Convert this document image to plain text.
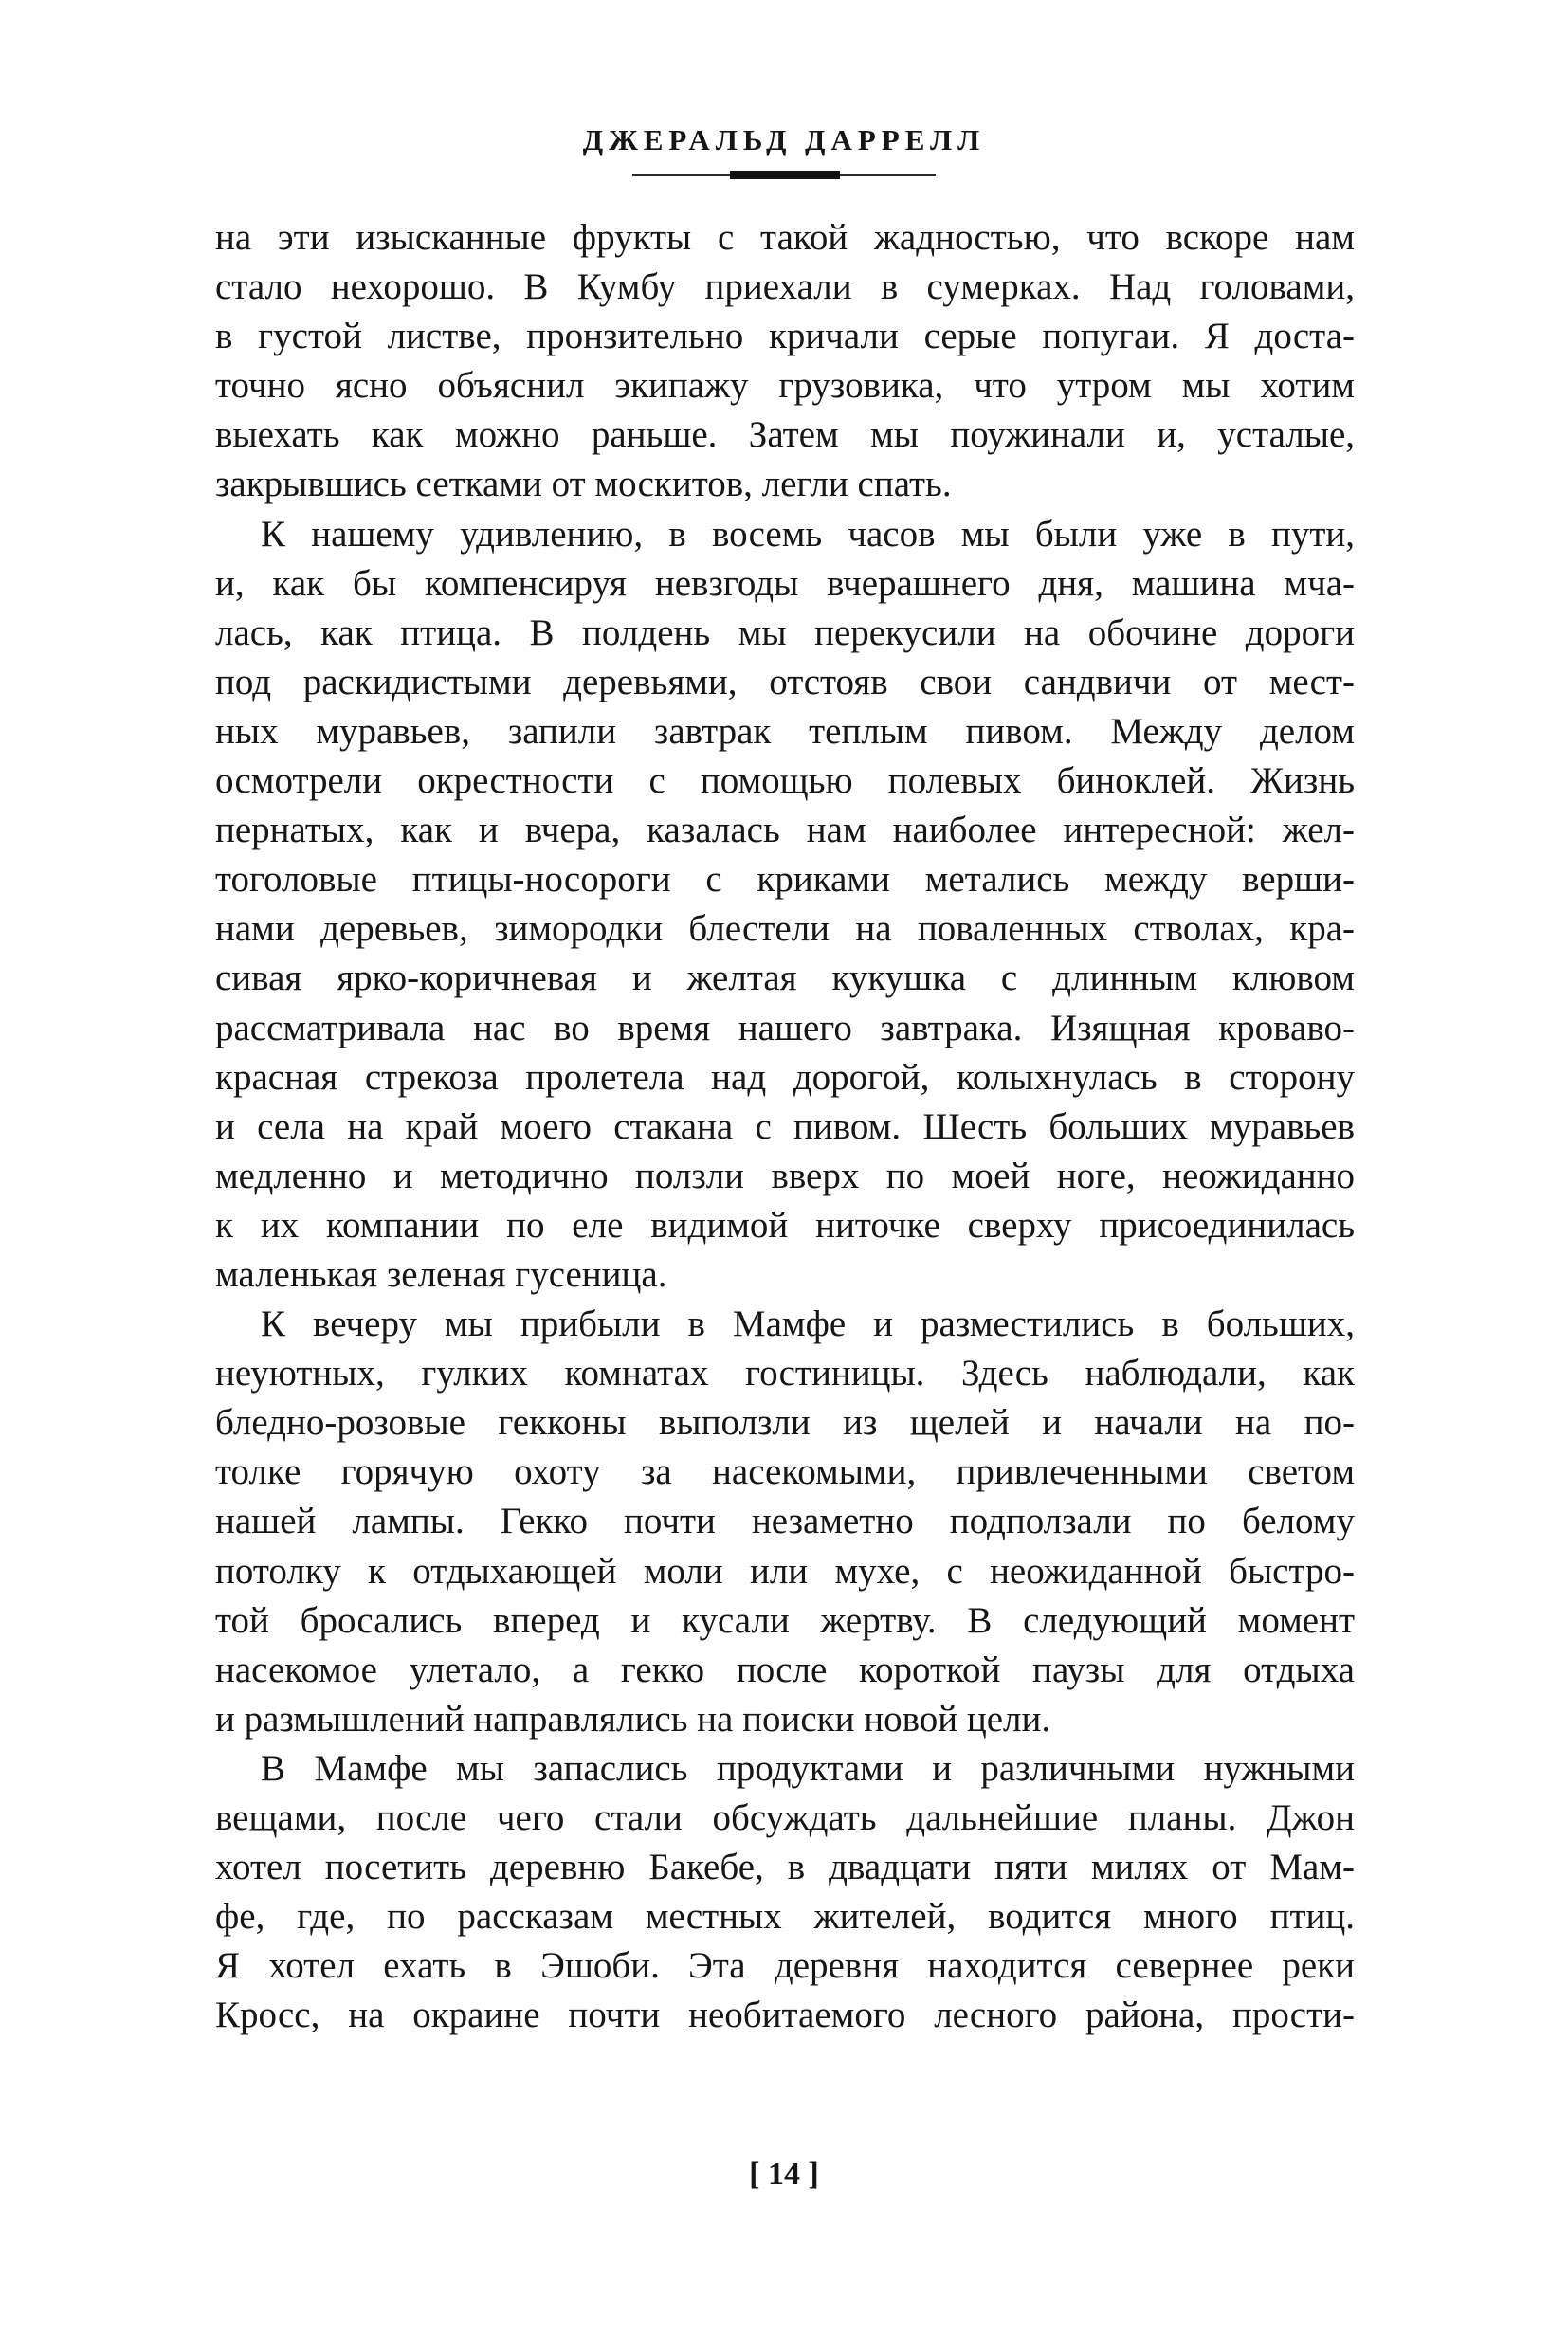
ДЖЕРАЛЬД ДАРРЕЛЛ
на эти изысканные фрукты с такой жадностью, что вскоре нам
стало нехорошо. В Кумбу приехали в сумерках. Над головами,
в густой листве, пронзительно кричали серые попугаи. Я доста-
точно ясно объяснил экипажу грузовика, что утром мы хотим
выехать как можно раньше. Затем мы поужинали и, усталые,
закрывшись сетками от москитов, легли спать.
К нашему удивлению, в восемь часов мы были уже в пути,
и, как бы компенсируя невзгоды вчерашнего дня, машина мча-
лась, как птица. В полдень мы перекусили на обочине дороги
под раскидистыми деревьями, отстояв свои сандвичи от мест-
ных муравьев, запили завтрак теплым пивом. Между делом
осмотрели окрестности с помощью полевых биноклей. Жизнь
пернатых, как и вчера, казалась нам наиболее интересной: жел-
тоголовые птицы-носороги с криками метались между верши-
нами деревьев, зимородки блестели на поваленных стволах, кра-
сивая ярко-коричневая и желтая кукушка с длинным клювом
рассматривала нас во время нашего завтрака. Изящная кроваво-
красная стрекоза пролетела над дорогой, колыхнулась в сторону
и села на край моего стакана с пивом. Шесть больших муравьев
медленно и методично ползли вверх по моей ноге, неожиданно
к их компании по еле видимой ниточке сверху присоединилась
маленькая зеленая гусеница.
К вечеру мы прибыли в Мамфе и разместились в больших,
неуютных, гулких комнатах гостиницы. Здесь наблюдали, как
бледно-розовые гекконы выползли из щелей и начали на по-
толке горячую охоту за насекомыми, привлеченными светом
нашей лампы. Гекко почти незаметно подползали по белому
потолку к отдыхающей моли или мухе, с неожиданной быстро-
той бросались вперед и кусали жертву. В следующий момент
насекомое улетало, а гекко после короткой паузы для отдыха
и размышлений направлялись на поиски новой цели.
В Мамфе мы запаслись продуктами и различными нужными
вещами, после чего стали обсуждать дальнейшие планы. Джон
хотел посетить деревню Бакебе, в двадцати пяти милях от Мам-
фе, где, по рассказам местных жителей, водится много птиц.
Я хотел ехать в Эшоби. Эта деревня находится севернее реки
Кросс, на окраине почти необитаемого лесного района, прости-
[ 14 ]
